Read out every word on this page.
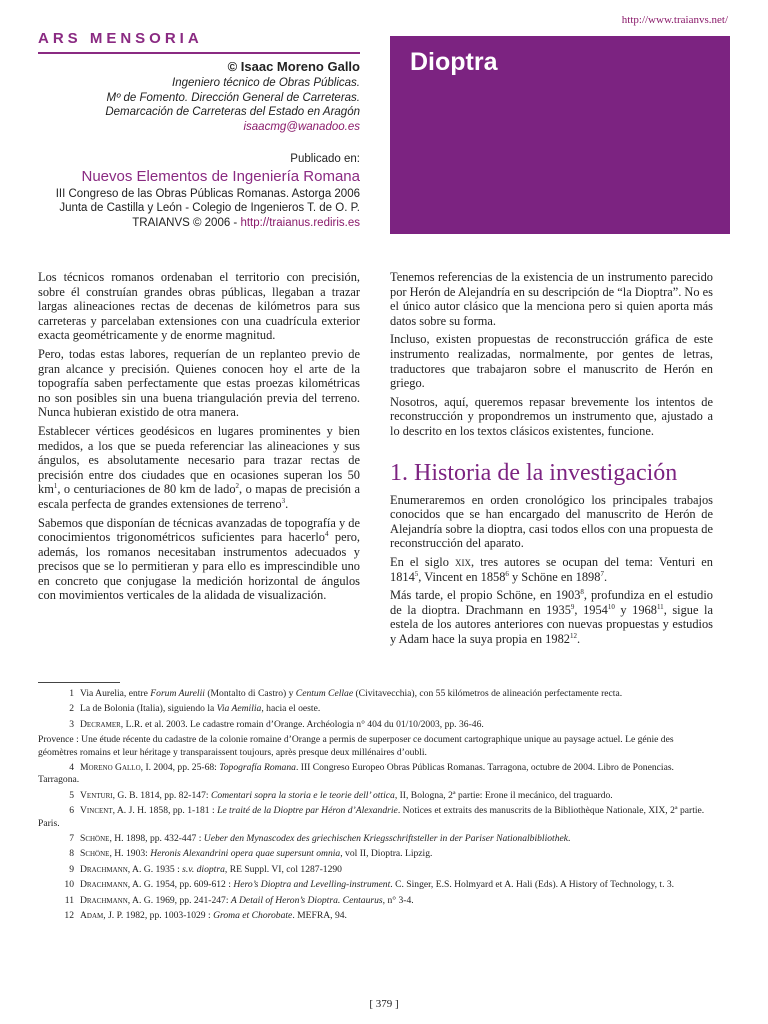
http://www.traianvs.net/
ARS MENSORIA
© Isaac Moreno Gallo
Ingeniero técnico de Obras Públicas.
Mº de Fomento. Dirección General de Carreteras.
Demarcación de Carreteras del Estado en Aragón
isaacmg@wanadoo.es
Publicado en:
Nuevos Elementos de Ingeniería Romana
III Congreso de las Obras Públicas Romanas. Astorga 2006
Junta de Castilla y León - Colegio de Ingenieros T. de O. P.
TRAIANVS © 2006 - http://traianus.rediris.es
Dioptra

Los técnicos romanos ordenaban el territorio con precisión, sobre él construían grandes obras públicas, llegaban a trazar largas alineaciones rectas de decenas de kilómetros para sus carreteras y parcelaban extensiones con una cuadrícula exterior exacta geométricamente y de enorme magnitud.

Pero, todas estas labores, requerían de un replanteo previo de gran alcance y precisión. Quienes conocen hoy el arte de la topografía saben perfectamente que estas proezas kilométricas no son posibles sin una buena triangulación previa del terreno. Nunca hubieran existido de otra manera.

Establecer vértices geodésicos en lugares prominentes y bien medidos, a los que se pueda referenciar las alineaciones y sus ángulos, es absolutamente necesario para trazar rectas de precisión entre dos ciudades que en ocasiones superan los 50 $km^1$, o centuriaciones de 80 km de lado$^2$, o mapas de precisión a escala perfecta de grandes extensiones de terreno$^3$.

Sabemos que disponían de técnicas avanzadas de topografía y de conocimientos trigonométricos suficientes para hacerlo$^4$ pero, además, los romanos necesitaban instrumentos adecuados y precisos que se lo permitieran y para ello es imprescindible uno en concreto que conjugase la medición horizontal de ángulos con movimientos verticales de la alidada de visualización.

Tenemos referencias de la existencia de un instrumento parecido por Herón de Alejandría en su descripción de “la Dioptra”. No es el único autor clásico que la menciona pero si quien aporta más datos sobre su forma.

Incluso, existen propuestas de reconstrucción gráfica de este instrumento realizadas, normalmente, por gentes de letras, traductores que trabajaron sobre el manuscrito de Herón en griego.

Nosotros, aquí, queremos repasar brevemente los intentos de reconstrucción y propondremos un instrumento que, ajustado a lo descrito en los textos clásicos existentes, funcione.

1. Historia de la investigación

Enumeraremos en orden cronológico los principales trabajos conocidos que se han encargado del manuscrito de Herón de Alejandría sobre la dioptra, casi todos ellos con una propuesta de reconstrucción del aparato.

En el siglo xix, tres autores se ocupan del tema: Venturi en 1814$^5$, Vincent en 1858$^6$ y Schöne en 1898$^7$.

Más tarde, el propio Schöne, en 1903$^8$, profundiza en el estudio de la dioptra. Drachmann en 1935$^9$, 1954$^{10}$ y 1968$^{11}$, sigue la estela de los autores anteriores con nuevas propuestas y estudios y Adam hace la suya propia en 1982$^{12}$.

1 Via Aurelia, entre Forum Aurelii (Montalto di Castro) y Centum Cellae (Civitavecchia), con 55 kilómetros de alineación perfectamente recta.
2 La de Bolonia (Italia), siguiendo la Via Aemilia, hacia el oeste.
3 Decramer, L.R. et al. 2003. Le cadastre romain d’Orange. Archéologia n° 404 du 01/10/2003, pp. 36-46.
Provence : Une étude récente du cadastre de la colonie romaine d’Orange a permis de superposer ce document cartographique unique au paysage actuel. Le génie des géomètres romains et leur héritage y transparaissent toujours, après presque deux millénaires d’oubli.
4 Moreno Gallo, I. 2004, pp. 25-68: Topografía Romana. III Congreso Europeo Obras Públicas Romanas. Tarragona, octubre de 2004. Libro de Ponencias. Tarragona.
5 Venturi, G. B. 1814, pp. 82-147: Comentari sopra la storia e le teorie dell’ ottica, II, Bologna, 2ª partie: Erone il mecánico, del traguardo.
6 Vincent, A. J. H. 1858, pp. 1-181 : Le traité de la Dioptre par Héron d’Alexandrie. Notices et extraits des manuscrits de la Bibliothèque Nationale, XIX, 2ª partie. Paris.
7 Schöne, H. 1898, pp. 432-447 : Ueber den Mynascodex des griechischen Kriegsschriftsteller in der Pariser Nationalbibliothek.
8 Schöne, H. 1903: Heronis Alexandrini opera quae supersunt omnia, vol II, Dioptra. Lipzig.
9 Drachmann, A. G. 1935 : s.v. dioptra, RE Suppl. VI, col 1287-1290
10 Drachmann, A. G. 1954, pp. 609-612 : Hero’s Dioptra and Levelling-instrument. C. Singer, E.S. Holmyard et A. Hali (Eds). A History of Technology, t. 3.
11 Drachmann, A. G. 1969, pp. 241-247: A Detail of Heron’s Dioptra. Centaurus, n° 3-4.
12 Adam, J. P. 1982, pp. 1003-1029 : Groma et Chorobate. MEFRA, 94.
[ 379 ]
